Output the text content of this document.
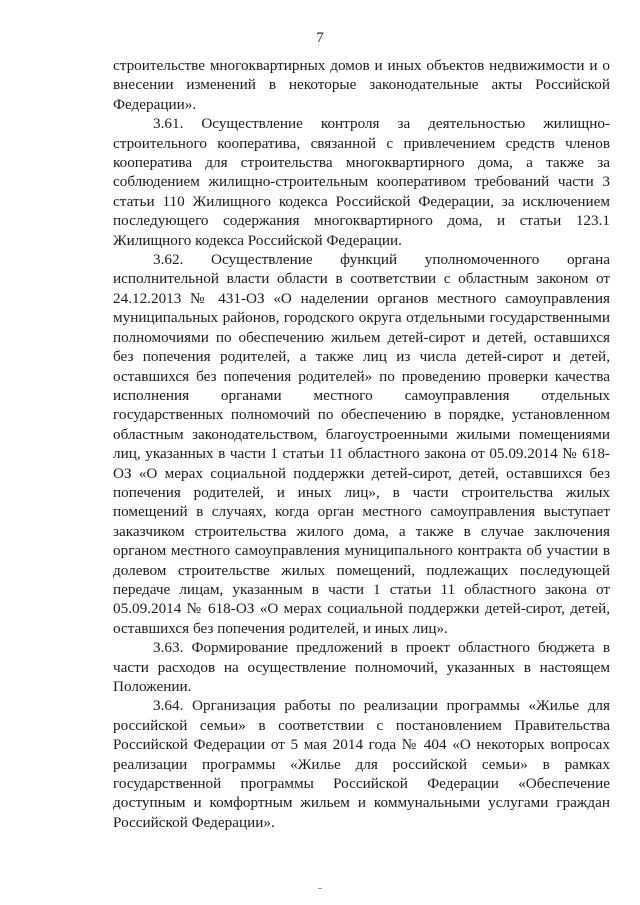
7

строительстве многоквартирных домов и иных объектов недвижимости и о внесении изменений в некоторые законодательные акты Российской Федерации».

3.61. Осуществление контроля за деятельностью жилищно-строительного кооператива, связанной с привлечением средств членов кооператива для строительства многоквартирного дома, а также за соблюдением жилищно-строительным кооперативом требований части 3 статьи 110 Жилищного кодекса Российской Федерации, за исключением последующего содержания многоквартирного дома, и статьи 123.1 Жилищного кодекса Российской Федерации.

3.62. Осуществление функций уполномоченного органа исполнительной власти области в соответствии с областным законом от 24.12.2013 № 431-ОЗ «О наделении органов местного самоуправления муниципальных районов, городского округа отдельными государственными полномочиями по обеспечению жильем детей-сирот и детей, оставшихся без попечения родителей, а также лиц из числа детей-сирот и детей, оставшихся без попечения родителей» по проведению проверки качества исполнения органами местного самоуправления отдельных государственных полномочий по обеспечению в порядке, установленном областным законодательством, благоустроенными жилыми помещениями лиц, указанных в части 1 статьи 11 областного закона от 05.09.2014 № 618-ОЗ «О мерах социальной поддержки детей-сирот, детей, оставшихся без попечения родителей, и иных лиц», в части строительства жилых помещений в случаях, когда орган местного самоуправления выступает заказчиком строительства жилого дома, а также в случае заключения органом местного самоуправления муниципального контракта об участии в долевом строительстве жилых помещений, подлежащих последующей передаче лицам, указанным в части 1 статьи 11 областного закона от 05.09.2014 № 618-ОЗ «О мерах социальной поддержки детей-сирот, детей, оставшихся без попечения родителей, и иных лиц».

3.63. Формирование предложений в проект областного бюджета в части расходов на осуществление полномочий, указанных в настоящем Положении.

3.64. Организация работы по реализации программы «Жилье для российской семьи» в соответствии с постановлением Правительства Российской Федерации от 5 мая 2014 года № 404 «О некоторых вопросах реализации программы «Жилье для российской семьи» в рамках государственной программы Российской Федерации «Обеспечение доступным и комфортным жильем и коммунальными услугами граждан Российской Федерации».
